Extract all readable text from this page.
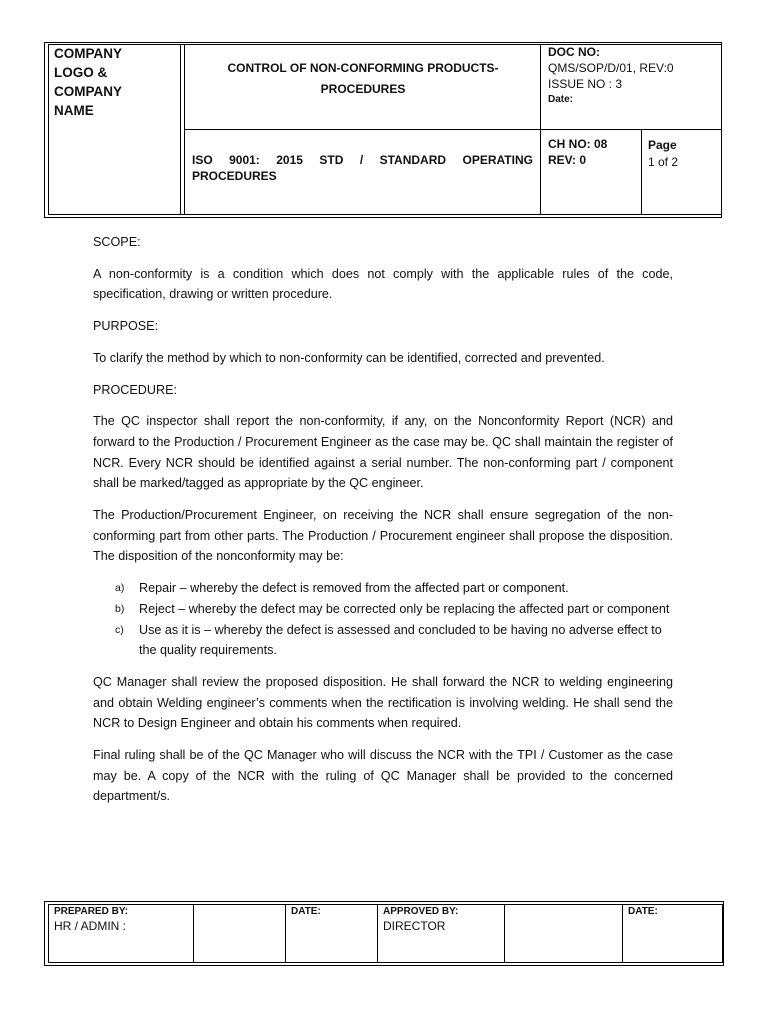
COMPANY
LOGO &
COMPANY
NAME
CONTROL OF NON-CONFORMING PRODUCTS-
PROCEDURES
DOC NO:
QMS/SOP/D/01, REV:0
ISSUE NO : 3
Date:
ISO 9001: 2015 STD / STANDARD OPERATING
PROCEDURES
CH NO: 08
REV: 0
Page
1 of 2

SCOPE:

A non-conformity is a condition which does not comply with the applicable rules of the code, specification, drawing or written procedure.

PURPOSE:

To clarify the method by which to non-conformity can be identified, corrected and prevented.

PROCEDURE:

The QC inspector shall report the non-conformity, if any, on the Nonconformity Report (NCR) and forward to the Production / Procurement Engineer as the case may be. QC shall maintain the register of NCR. Every NCR should be identified against a serial number. The non-conforming part / component shall be marked/tagged as appropriate by the QC engineer.

The Production/Procurement Engineer, on receiving the NCR shall ensure segregation of the non-conforming part from other parts. The Production / Procurement engineer shall propose the disposition. The disposition of the nonconformity may be:

a) Repair – whereby the defect is removed from the affected part or component.
b) Reject – whereby the defect may be corrected only be replacing the affected part or component
c) Use as it is – whereby the defect is assessed and concluded to be having no adverse effect to the quality requirements.

QC Manager shall review the proposed disposition. He shall forward the NCR to welding engineering and obtain Welding engineer’s comments when the rectification is involving welding. He shall send the NCR to Design Engineer and obtain his comments when required.

Final ruling shall be of the QC Manager who will discuss the NCR with the TPI / Customer as the case may be. A copy of the NCR with the ruling of QC Manager shall be provided to the concerned department/s.

PREPARED BY:
HR / ADMIN :
DATE:	APPROVED BY:
DIRECTOR
DATE:
